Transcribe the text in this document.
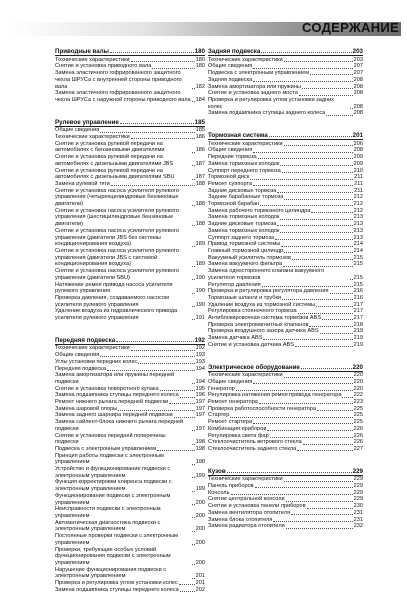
СОДЕРЖАНИЕ
Приводные валы	180
Технические характеристики	180
Снятие и установка приводного вала	180
Замена эластичного гофрированного защитного чехла ШРУСа с внутренней стороны приводного вала	182
Замена эластичного гофрированного защитного чехла ШРУСа с наружной стороны приводного вала 184
Рулевое управление	185
Общие сведения	185
Технические характеристики	186
Снятие и установка рулевой передачи на автомобилях с бензиновыми двигателями	186
Снятие и установка рулевой передачи на автомобилях с дизельными двигателями JBS	187
Снятие и установка рулевой передачи на автомобилях с дизельными двигателями SBU	187
Замена рулевой тяги	188
Снятие и установка насоса усилителя рулевого управления (четырехцилиндровые бензиновые двигатели)	188
Снятие и установка насоса усилителя рулевого управления (шестицилиндровые бензиновые двигатели)	188
Снятие и установка насоса усилителя рулевого управления (двигатели JBS без системы кондиционирования воздуха)	189
Снятие и установка насоса усилителя рулевого управления (двигатели JBS с системой кондиционирования воздуха)	189
Снятие и установка насоса усилителя рулевого управления (двигатели SBU)	190
Натяжение ремня привода насоса усилителя рулевого управления	190
Проверка давления, создаваемого насосом усилителя рулевого управления	190
Удаление воздуха из гидравлического привода усилителя рулевого управления	191
Передняя подвеска	192
Технические характеристики	192
Общие сведения	193
Углы установки передних колес	193
Передняя подвеска	194
Замена амортизатора или пружины передней подвески	194
Снятие и установка поворотного кулака	195
Замена подшипника ступицы переднего колеса	196
Ремонт нижнего рычага передней подвески	197
Замена шаровой опоры	197
Замена заднего шарнира передней подвески	197
Замена сайлент-блока нижнего рычага передней подвески	197
Снятие и установка передней поперечины подвески	198
Подвеска с электронным управлением	198
Принцип работы подвески с электронным управлением	198
Устройство и функционирование подвески с электронным управлением	199
Функция корректировки клиренса подвески с электронным управлением	199
Функционирование подвески с электронным управлением	200
Неисправности подвески с электронным управлением	200
Автоматическая диагностика подвески с электронным управлением	200
Постоянные проверки подвески с электронным управлением	200
Проверки, требующие особых условий функционирования подвески с электронным управлением	200
Нарушение функционирования подвески с электронным управлением	201
Проверка и регулировка углов установки колес	201
Замена подшипника ступицы переднего колеса	202
Задняя подвеска	203
Технические характеристики	203
Общие сведения	207
Подвеска с электронным управлением	207
Задняя подвеска	208
Замена амортизатора или пружины	208
Снятие и установка заднего моста	208
Проверка и регулировка углов установки задних колес	208
Замена подшипника ступицы заднего колеса	208
Тормозная система	201
Технические характеристики	206
Общие сведения	208
Передние тормоза	209
Замена тормозных колодок	209
Суппорт переднего тормоза	210
Тормозной диск	211
Ремонт суппорта	211
Задние дисковые тормоза	211
Задние барабанные тормоза	212
Тормозной барабан	212
Замена рабочего тормозного цилиндра	212
Замена тормозных колодок	213
Задние дисковые тормоза	213
Замена тормозных колодок	213
Суппорт заднего тормоза	213
Привод тормозной системы	214
Главный тормозной цилиндр	214
Вакуумный усилитель тормозов	215
Замена вакуумного фильтра	215
Замена одностороннего клапана вакуумного усилителя тормозов	215
Регулятор давления	215
Проверка и регулировка регулятора давления	216
Тормозные шланги и трубки	216
Удаление воздуха из тормозной системы	217
Регулировка стояночного тормоза	217
Антиблокировочная система тормозов ABS	217
Проверка электромагнитных клапанов	218
Проверка воздушного зазора датчика ABS	219
Замена датчика ABS	219
Снятие и установка датчика ABS	219
Электрическое оборудование	220
Технические характеристики	220
Общие сведения	220
Генератор	220
Регулировка натяжения ремня привода генератора 222
Ремонт генератора	223
Проверка работоспособности генератора	225
Стартер	225
Ремонт стартера	225
Комбинация приборов	226
Регулировка света фар	226
Стеклоочиститель ветрового стекла	226
Стеклоочиститель заднего стекла	227
Кузов	229
Технические характеристики	229
Панель приборов	229
Консоль	229
Снятие центральной консоли	229
Снятие и установка панели приборов	230
Замена вентилятора отопителя	231
Замена блока отопителя	231
Замена радиатора отопителя	232
